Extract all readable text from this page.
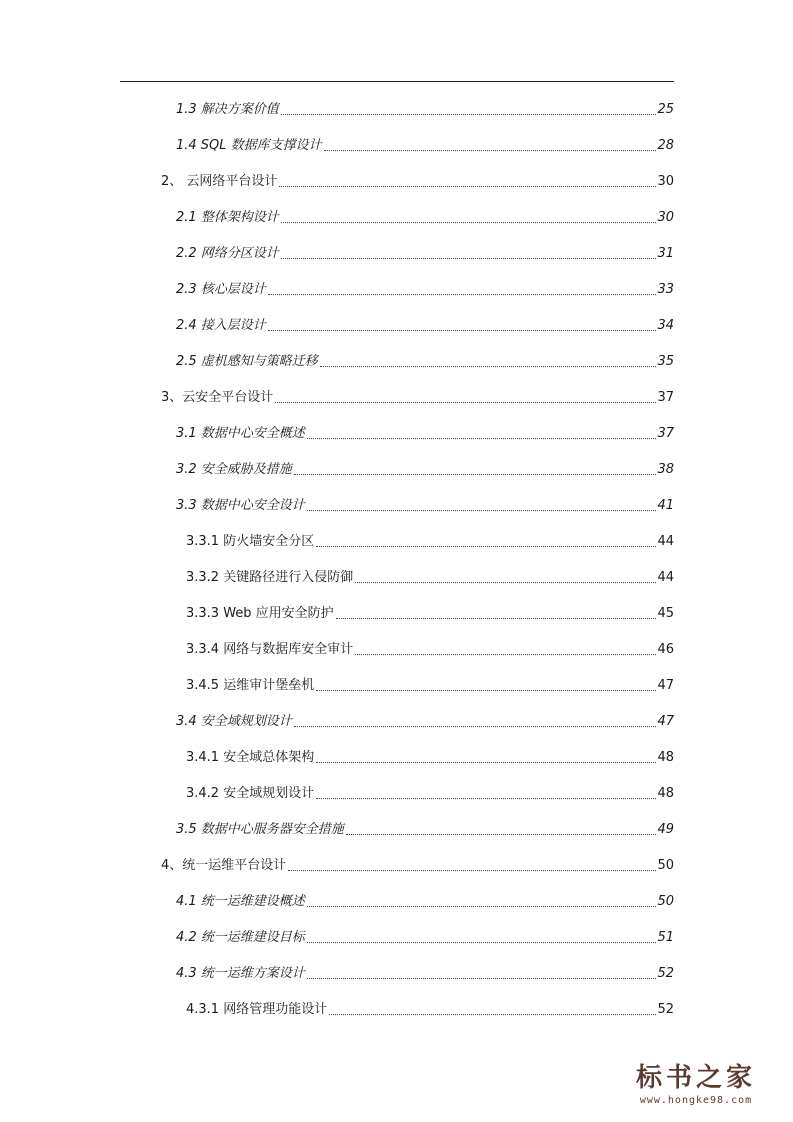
1.3 解决方案价值	25
1.4 SQL 数据库支撑设计	28
2、 云网络平台设计	30
2.1 整体架构设计	30
2.2 网络分区设计	31
2.3 核心层设计	33
2.4 接入层设计	34
2.5 虚机感知与策略迁移	35
3、云安全平台设计	37
3.1 数据中心安全概述	37
3.2 安全威胁及措施	38
3.3 数据中心安全设计	41
3.3.1 防火墙安全分区	44
3.3.2 关键路径进行入侵防御	44
3.3.3 Web 应用安全防护	45
3.3.4 网络与数据库安全审计	46
3.4.5 运维审计堡垒机	47
3.4 安全域规划设计	47
3.4.1 安全域总体架构	48
3.4.2 安全域规划设计	48
3.5 数据中心服务器安全措施	49
4、统一运维平台设计	50
4.1 统一运维建设概述	50
4.2 统一运维建设目标	51
4.3 统一运维方案设计	52
4.3.1 网络管理功能设计	52
标书之家
www.hongke98.com
